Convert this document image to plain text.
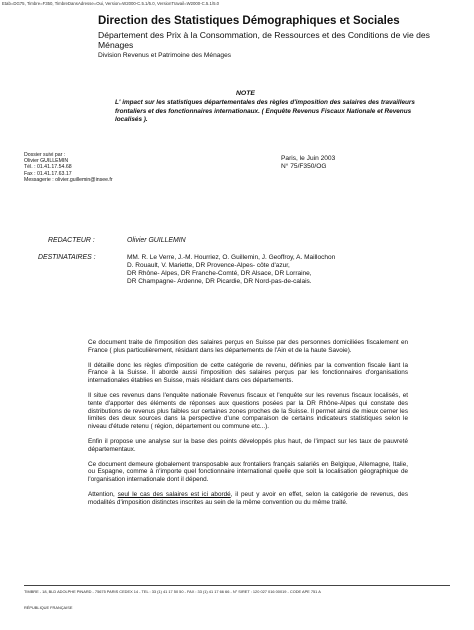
Etab=DG75, Timbre=F350, TimbreDansAdresse=Oui, Version=W2000-C.5.1/5.0, VersionTravail=W2000-C.5.1/5.0
Direction des Statistiques Démographiques et Sociales
Département des Prix à la Consommation, de Ressources et des Conditions de vie des Ménages
Division Revenus et Patrimoine des Ménages
NOTE
L' impact sur les statistiques départementales des règles d'imposition des salaires des travailleurs frontaliers et des fonctionnaires internationaux. ( Enquête Revenus Fiscaux Nationale et Revenus localisés ).
Dossier suivi par :
Olivier GUILLEMIN
Tél. : 01.41.17.54.68
Fax : 01.41.17.63.17
Messagerie : olivier.guillemin@insee.fr
Paris, le Juin 2003
N° 75/F350/OG
REDACTEUR :	Olivier GUILLEMIN
DESTINATAIRES :	MM. R. Le Verre, J.-M. Hourriez, O. Guillemin, J. Geoffroy, A. Maillochon
D. Rouault, V. Mariette, DR Provence-Alpes- côte d'azur,
DR Rhône- Alpes, DR Franche-Comté, DR Alsace, DR Lorraine,
DR Champagne- Ardenne, DR Picardie, DR Nord-pas-de-calais.

Ce document traite de l'imposition des salaires perçus en Suisse par des personnes domiciliées fiscalement en France ( plus particulièrement, résidant dans les départements de l'Ain et de la haute Savoie).

Il détaille donc les règles d'imposition de cette catégorie de revenu, définies par la convention fiscale liant la France à la Suisse. Il aborde aussi l'imposition des salaires perçus par les fonctionnaires d'organisations internationales établies en Suisse, mais résidant dans ces départements.

Il situe ces revenus dans l'enquête nationale Revenus fiscaux et l'enquête sur les revenus fiscaux localisés, et tente d'apporter des éléments de réponses aux questions posées par la DR Rhône-Alpes qui constate des distributions de revenus plus faibles sur certaines zones proches de la Suisse. Il permet ainsi de mieux cerner les limites des deux sources dans la perspective d'une comparaison de certains indicateurs statistiques selon le niveau d'étude retenu ( région, département ou commune etc...).

Enfin il propose une analyse sur la base des points développés plus haut, de l'impact sur les taux de pauvreté départementaux.

Ce document demeure globalement transposable aux frontaliers français salariés en Belgique, Allemagne, Italie, ou Espagne, comme à n'importe quel fonctionnaire international quelle que soit la localisation géographique de l'organisation internationale dont il dépend.

Attention, seul le cas des salaires est ici abordé, il peut y avoir en effet, selon la catégorie de revenus, des modalités d'imposition distinctes inscrites au sein de la même convention ou du même traité.

TIMBRE - 18, BLD ADOLPHE PINARD - 75675 PARIS CEDEX 14 - TEL : 33 (1) 41 17 50 50 - FAX : 33 (1) 41 17 66 66 - N° SIRET : 120 027 016 00019 - CODE APE 751 A
RÉPUBLIQUE FRANÇAISE
